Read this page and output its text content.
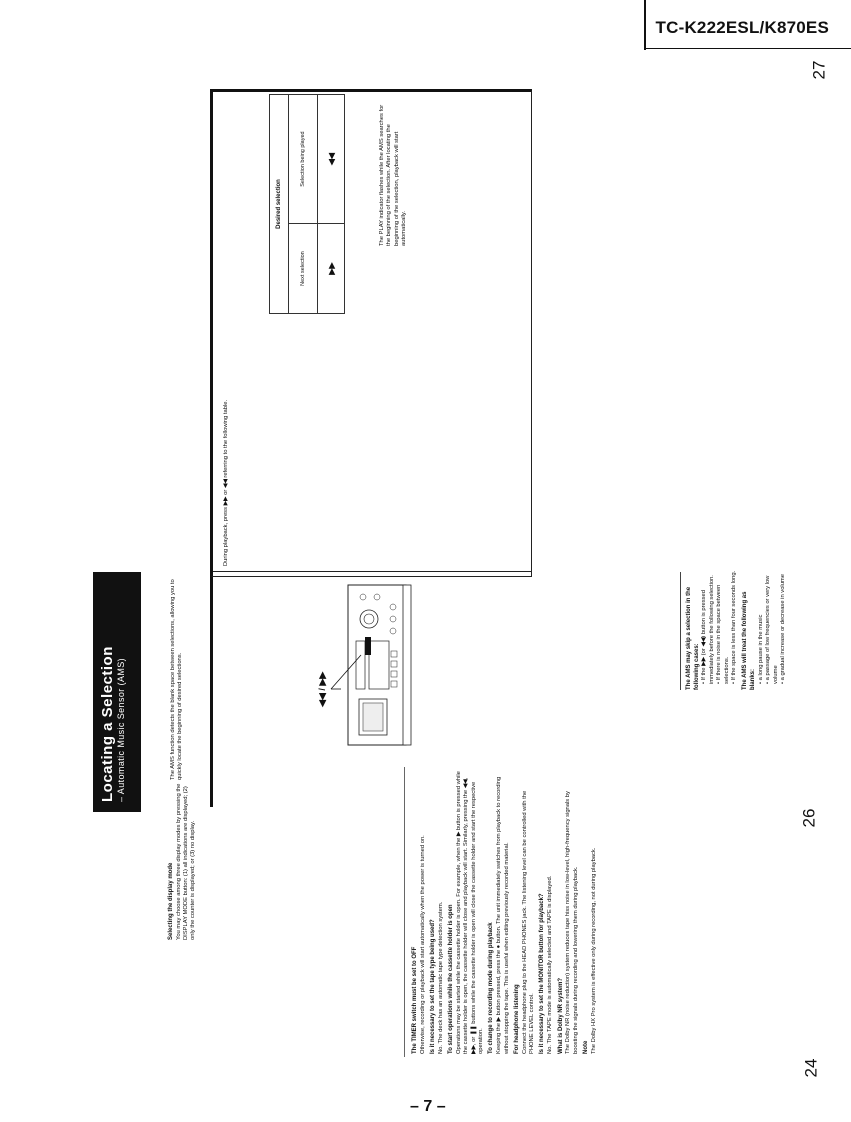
TC-K222ESL/K870ES
– 7 –
27
26
24
Selecting the display mode You may choose among three display modes by pressing the DISPLAY MODE button: (1) all indications are displayed; (2) only the counter is displayed; or (3) no display.

The TIMER switch must be set to OFF Otherwise, recording or playback will start automatically when the power is turned on. Is it necessary to set the tape type being used? No. The deck has an automatic tape type detection system. To start operations while the cassette holder is open Operations may be started while the cassette holder is open. For example, when the ▶ button is pressed while the cassette holder is open, the cassette holder will close and playback will start. Similarly, pressing the ◀◀, ▶▶, or ❚❚ buttons while the cassette holder is open will close the cassette holder and start the respective operation. To change to recording mode during playback Keeping the ▶ button pressed, press the ● button. The unit immediately switches from playback to recording without stopping the tape. This is useful when editing previously recorded material. For headphone listening Connect the headphone plug to the HEAD PHONES jack. The listening level can be controlled with the PHONE LEVEL control. Is it necessary to set the MONITOR button for playback? No. The TAPE mode is automatically selected and TAPE is displayed. What is Dolby NR system? The Dolby NR (noise reduction) system reduces tape hiss noise in low-level, high-frequency signals by boosting the signals during recording and lowering them during playback. Note The Dolby HX Pro system is effective only during recording, not during playback.

Locating a Selection – Automatic Music Sensor (AMS)	The AMS function detects the blank space between selections, allowing you to quickly locate the beginning of desired selections.	◀◀ / ▶▶	The AMS may skip a selection in the following cases: • If the ▶▶ (or ◀◀) button is pressed immediately before the following selection. • If there is noise in the space between selections. • If the space is less than four seconds long. The AMS will treat the following as blanks: • a long pause in the music • a passage of low frequencies or very low volume • a gradual increase or decrease in volume

During playback, press ▶▶ or ◀◀ referring to the following table.

Desired selection	
Next selection	Selection being played
▶▶	◀◀	The PLAY indicator flashes while the AMS searches for the beginning of the selection. After locating the beginning of the selection, playback will start automatically.
